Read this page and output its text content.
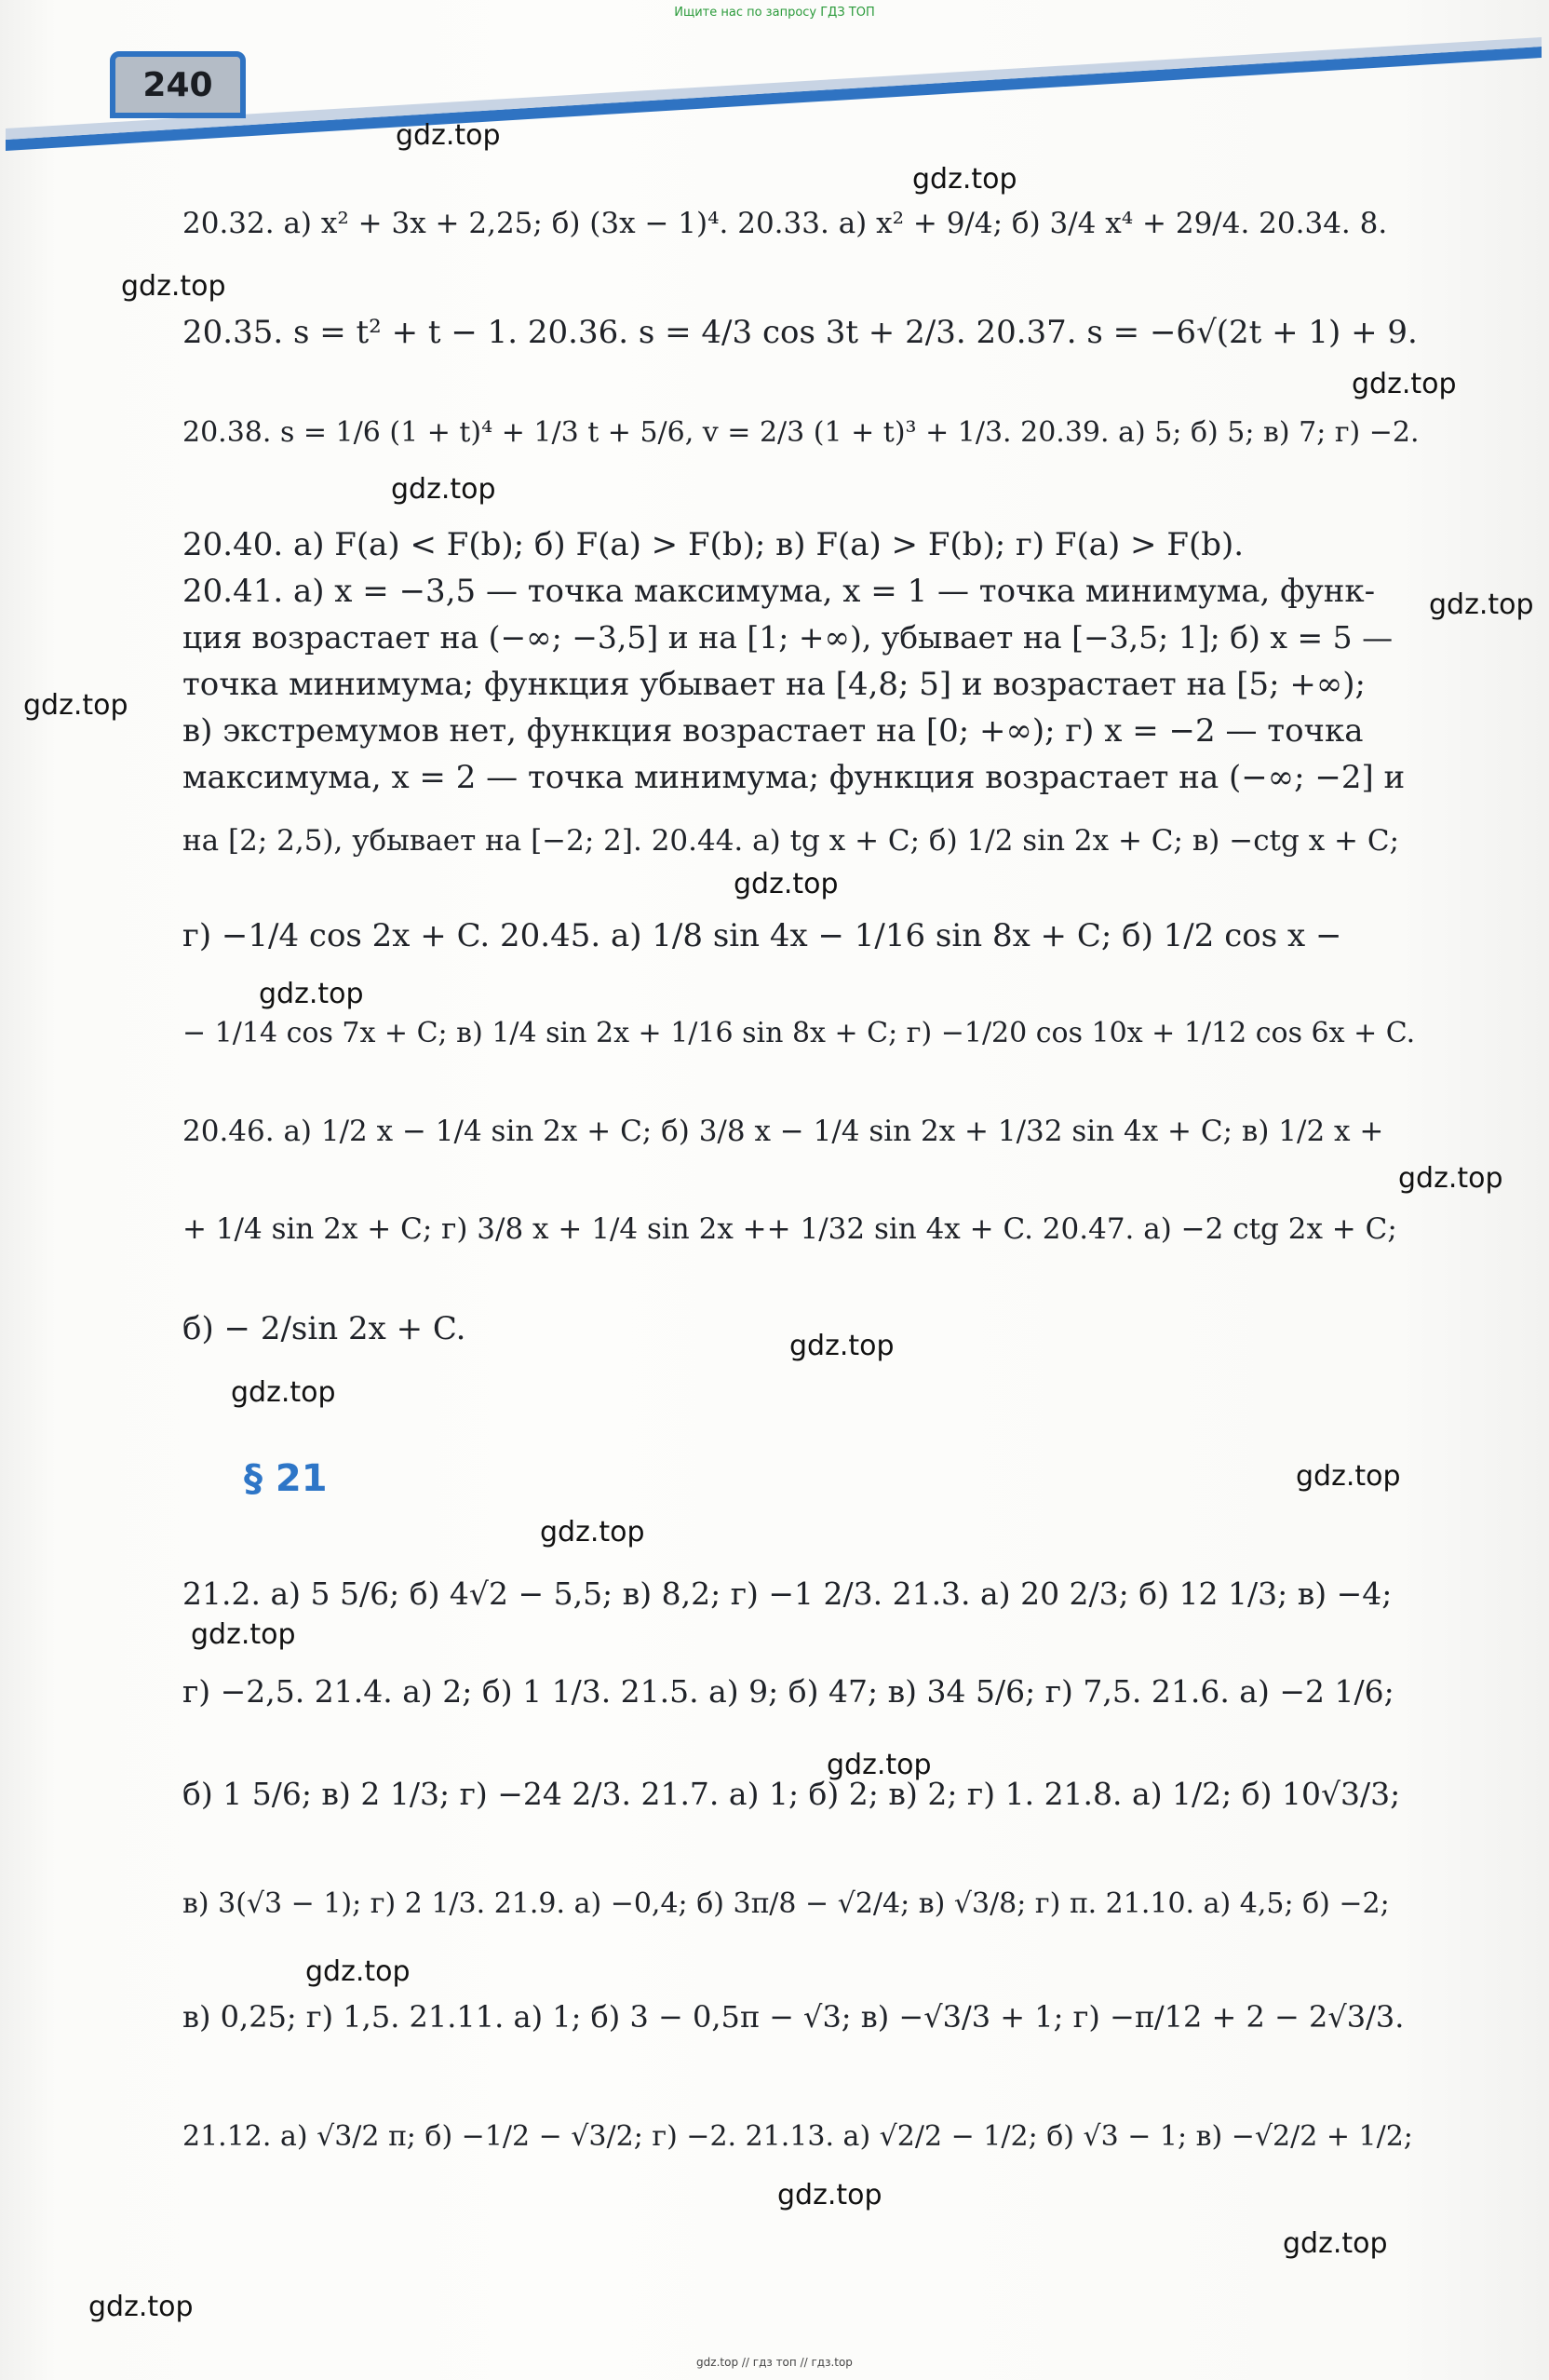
Ищите нас по запросу ГДЗ ТОП
240
gdz.top
gdz.top
gdz.top
gdz.top
gdz.top
gdz.top
gdz.top
gdz.top
gdz.top
gdz.top
gdz.top
gdz.top
gdz.top
gdz.top
gdz.top
gdz.top
gdz.top
gdz.top
gdz.top
gdz.top
§ 21
20.32. а) x² + 3x + 2,25; б) (3x − 1)⁴. 20.33. а) x² + 9/4; б) 3/4 x⁴ + 29/4. 20.34. 8.
20.35. s = t² + t − 1. 20.36. s = 4/3 cos 3t + 2/3. 20.37. s = −6√(2t + 1) + 9.
20.38. s = 1/6 (1 + t)⁴ + 1/3 t + 5/6, v = 2/3 (1 + t)³ + 1/3. 20.39. а) 5; б) 5; в) 7; г) −2.
20.40. а) F(a) < F(b); б) F(a) > F(b); в) F(a) > F(b); г) F(a) > F(b).
20.41. а) x = −3,5 — точка максимума, x = 1 — точка минимума, функ-
ция возрастает на (−∞; −3,5] и на [1; +∞), убывает на [−3,5; 1]; б) x = 5 —
точка минимума; функция убывает на [4,8; 5] и возрастает на [5; +∞);
в) экстремумов нет, функция возрастает на [0; +∞); г) x = −2 — точка
максимума, x = 2 — точка минимума; функция возрастает на (−∞; −2] и
на [2; 2,5), убывает на [−2; 2]. 20.44. а) tg x + C; б) 1/2 sin 2x + C; в) −ctg x + C;
г) −1/4 cos 2x + C. 20.45. а) 1/8 sin 4x − 1/16 sin 8x + C; б) 1/2 cos x −
− 1/14 cos 7x + C; в) 1/4 sin 2x + 1/16 sin 8x + C; г) −1/20 cos 10x + 1/12 cos 6x + C.
20.46. а) 1/2 x − 1/4 sin 2x + C; б) 3/8 x − 1/4 sin 2x + 1/32 sin 4x + C; в) 1/2 x +
+ 1/4 sin 2x + C; г) 3/8 x + 1/4 sin 2x ++ 1/32 sin 4x + C. 20.47. а) −2 ctg 2x + C;
б) − 2/sin 2x + C.
21.2. а) 5 5/6; б) 4√2 − 5,5; в) 8,2; г) −1 2/3. 21.3. а) 20 2/3; б) 12 1/3; в) −4;
г) −2,5. 21.4. а) 2; б) 1 1/3. 21.5. а) 9; б) 47; в) 34 5/6; г) 7,5. 21.6. а) −2 1/6;
б) 1 5/6; в) 2 1/3; г) −24 2/3. 21.7. а) 1; б) 2; в) 2; г) 1. 21.8. а) 1/2; б) 10√3/3;
в) 3(√3 − 1); г) 2 1/3. 21.9. а) −0,4; б) 3π/8 − √2/4; в) √3/8; г) π. 21.10. а) 4,5; б) −2;
в) 0,25; г) 1,5. 21.11. а) 1; б) 3 − 0,5π − √3; в) −√3/3 + 1; г) −π/12 + 2 − 2√3/3.
21.12. а) √3/2 π; б) −1/2 − √3/2; г) −2. 21.13. а) √2/2 − 1/2; б) √3 − 1; в) −√2/2 + 1/2;
gdz.top // гдз топ // гдз.top
